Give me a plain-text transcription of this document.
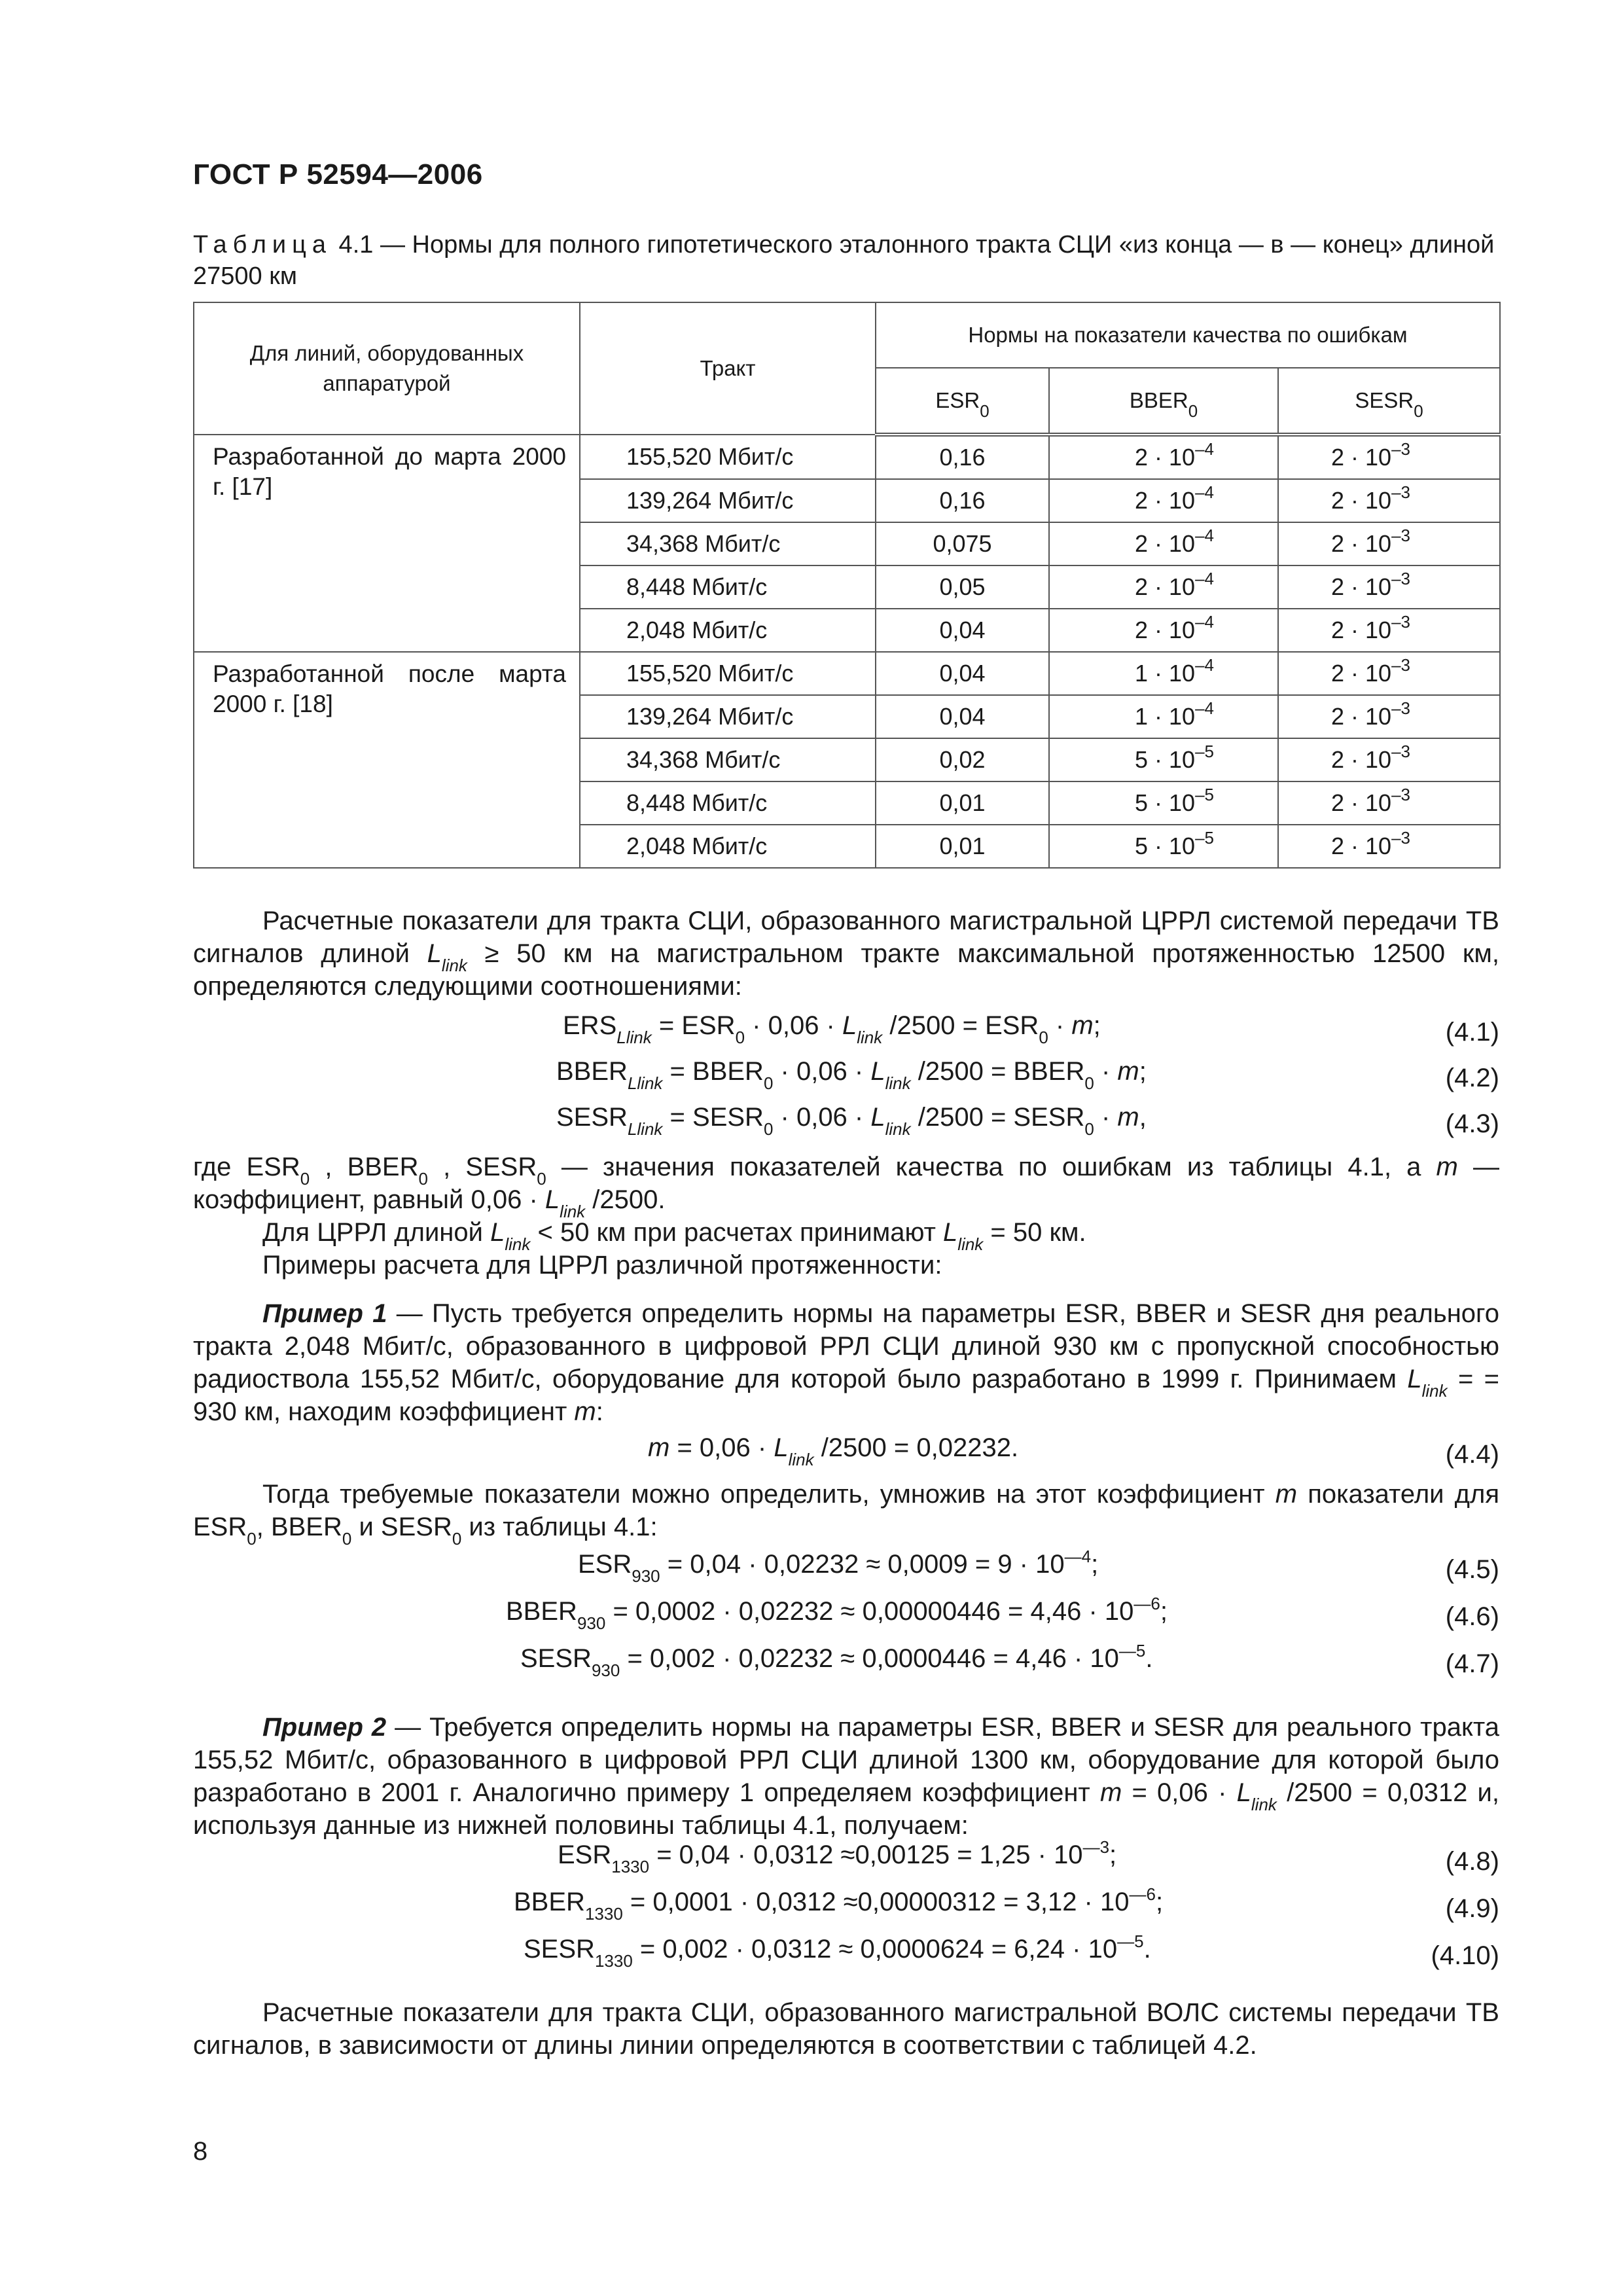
ГОСТ Р 52594—2006
Таблица 4.1 — Нормы для полного гипотетического эталонного тракта СЦИ «из конца — в — конец» длиной 27500 км
Для линий, оборудованных аппаратурой	Тракт	Нормы на показатели качества по ошибкам		
		$ESR_0$	$BBER_0$	$SESR_0$
Разработанной до марта 2000 г. [17]	155,520 Мбит/с	0,16	$2 \cdot 10^{-4}$	$2 \cdot 10^{-3}$
	139,264 Мбит/с	0,16	$2 \cdot 10^{-4}$	$2 \cdot 10^{-3}$
	34,368 Мбит/с	0,075	$2 \cdot 10^{-4}$	$2 \cdot 10^{-3}$
	8,448 Мбит/с	0,05	$2 \cdot 10^{-4}$	$2 \cdot 10^{-3}$
	2,048 Мбит/с	0,04	$2 \cdot 10^{-4}$	$2 \cdot 10^{-3}$
Разработанной после марта 2000 г. [18]	155,520 Мбит/с	0,04	$1 \cdot 10^{-4}$	$2 \cdot 10^{-3}$
	139,264 Мбит/с	0,04	$1 \cdot 10^{-4}$	$2 \cdot 10^{-3}$
	34,368 Мбит/с	0,02	$5 \cdot 10^{-5}$	$2 \cdot 10^{-3}$
	8,448 Мбит/с	0,01	$5 \cdot 10^{-5}$	$2 \cdot 10^{-3}$
	2,048 Мбит/с	0,01	$5 \cdot 10^{-5}$	$2 \cdot 10^{-3}$

Расчетные показатели для тракта СЦИ, образованного магистральной ЦРРЛ системой передачи ТВ сигналов длиной $L_{link} \ge 50$ км на магистральном тракте максимальной протяженностью 12500 км, определяются следующими соотношениями:

$ERS_{Llink} = ESR_0 \cdot 0,06 \cdot L_{link}$ $/2500 = ESR_0 \cdot m$;	(4.1)
$BBER_{Llink}$ = $BBER_0 \cdot 0,06 \cdot L_{link}$ $/2500 = BBER_0 \cdot m$;	(4.2)
$SESR_{Llink}$ = $SESR_0 \cdot 0,06 \cdot L_{link}$ $/2500 = SESR_0 \cdot m$,	(4.3)

где $ESR_0$ , $BBER_0$ , $SESR_0$ — значения показателей качества по ошибкам из таблицы 4.1, а m — коэффициент, равный $0,06 \cdot L_{link}$ /2500.

Для ЦРРЛ длиной $L_{link} < 50$ км при расчетах принимают $L_{link} = 50$ км.

Примеры расчета для ЦРРЛ различной протяженности:

Пример 1 — Пусть требуется определить нормы на параметры ESR, BBER и SESR дня реального тракта 2,048 Мбит/с, образованного в цифровой РРЛ СЦИ длиной 930 км с пропускной способностью радиоствола 155,52 Мбит/с, оборудование для которой было разработано в 1999 г. Принимаем $L_{link}$ = = 930 км, находим коэффициент m:

$m = 0,06 \cdot L_{link}$ /2500 = 0,02232.	(4.4)

Тогда требуемые показатели можно определить, умножив на этот коэффициент m показатели для $ESR_0$, $BBER_0$ и $SESR_0$ из таблицы 4.1:

$ESR_{930} = 0,04 \cdot 0,02232 \approx 0,0009 = 9 \cdot 10^{—4}$;	(4.5)
$BBER_{930} = 0,0002 \cdot 0,02232 \approx 0,00000446 = 4,46 \cdot 10^{—6}$;	(4.6)
$SESR_{930} = 0,002 \cdot 0,02232 \approx 0,0000446 = 4,46 \cdot 10^{—5}$.	(4.7)

Пример 2 — Требуется определить нормы на параметры ESR, BBER и SESR для реального тракта 155,52 Мбит/с, образованного в цифровой РРЛ СЦИ длиной 1300 км, оборудование для которой было разработано в 2001 г. Аналогично примеру 1 определяем коэффициент $m = 0,06 \cdot L_{link}$ /2500 = 0,0312 и, используя данные из нижней половины таблицы 4.1, получаем:

$ESR_{1330} = 0,04 \cdot 0,0312 \approx 0,00125 = 1,25 \cdot 10^{—3}$;	(4.8)
$BBER_{1330} = 0,0001 \cdot 0,0312 \approx 0,00000312 = 3,12 \cdot 10^{—6}$;	(4.9)
$SESR_{1330} = 0,002 \cdot 0,0312 \approx 0,0000624 = 6,24 \cdot 10^{—5}$.	(4.10)

Расчетные показатели для тракта СЦИ, образованного магистральной ВОЛС системы передачи ТВ сигналов, в зависимости от длины линии определяются в соответствии с таблицей 4.2.

8
